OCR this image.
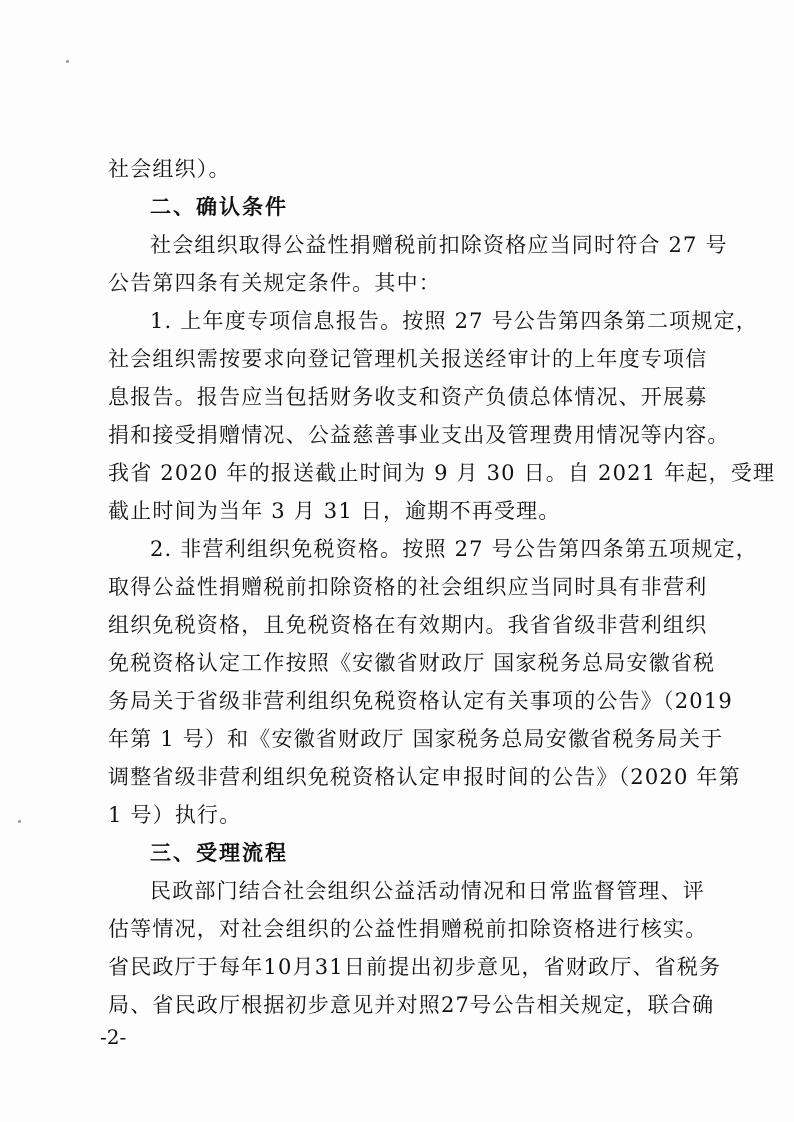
社会组织）。
二、确认条件
社会组织取得公益性捐赠税前扣除资格应当同时符合 27 号
公告第四条有关规定条件。其中：
1. 上年度专项信息报告。按照 27 号公告第四条第二项规定，
社会组织需按要求向登记管理机关报送经审计的上年度专项信
息报告。报告应当包括财务收支和资产负债总体情况、开展募
捐和接受捐赠情况、公益慈善事业支出及管理费用情况等内容。
我省 2020 年的报送截止时间为 9 月 30 日。自 2021 年起，受理
截止时间为当年 3 月 31 日，逾期不再受理。
2. 非营利组织免税资格。按照 27 号公告第四条第五项规定，
取得公益性捐赠税前扣除资格的社会组织应当同时具有非营利
组织免税资格，且免税资格在有效期内。我省省级非营利组织
免税资格认定工作按照《安徽省财政厅 国家税务总局安徽省税
务局关于省级非营利组织免税资格认定有关事项的公告》（2019
年第 1 号）和《安徽省财政厅 国家税务总局安徽省税务局关于
调整省级非营利组织免税资格认定申报时间的公告》（2020 年第
1 号）执行。
三、受理流程
民政部门结合社会组织公益活动情况和日常监督管理、评
估等情况，对社会组织的公益性捐赠税前扣除资格进行核实。
省民政厅于每年10月31日前提出初步意见，省财政厅、省税务
局、省民政厅根据初步意见并对照27号公告相关规定，联合确
-2-
